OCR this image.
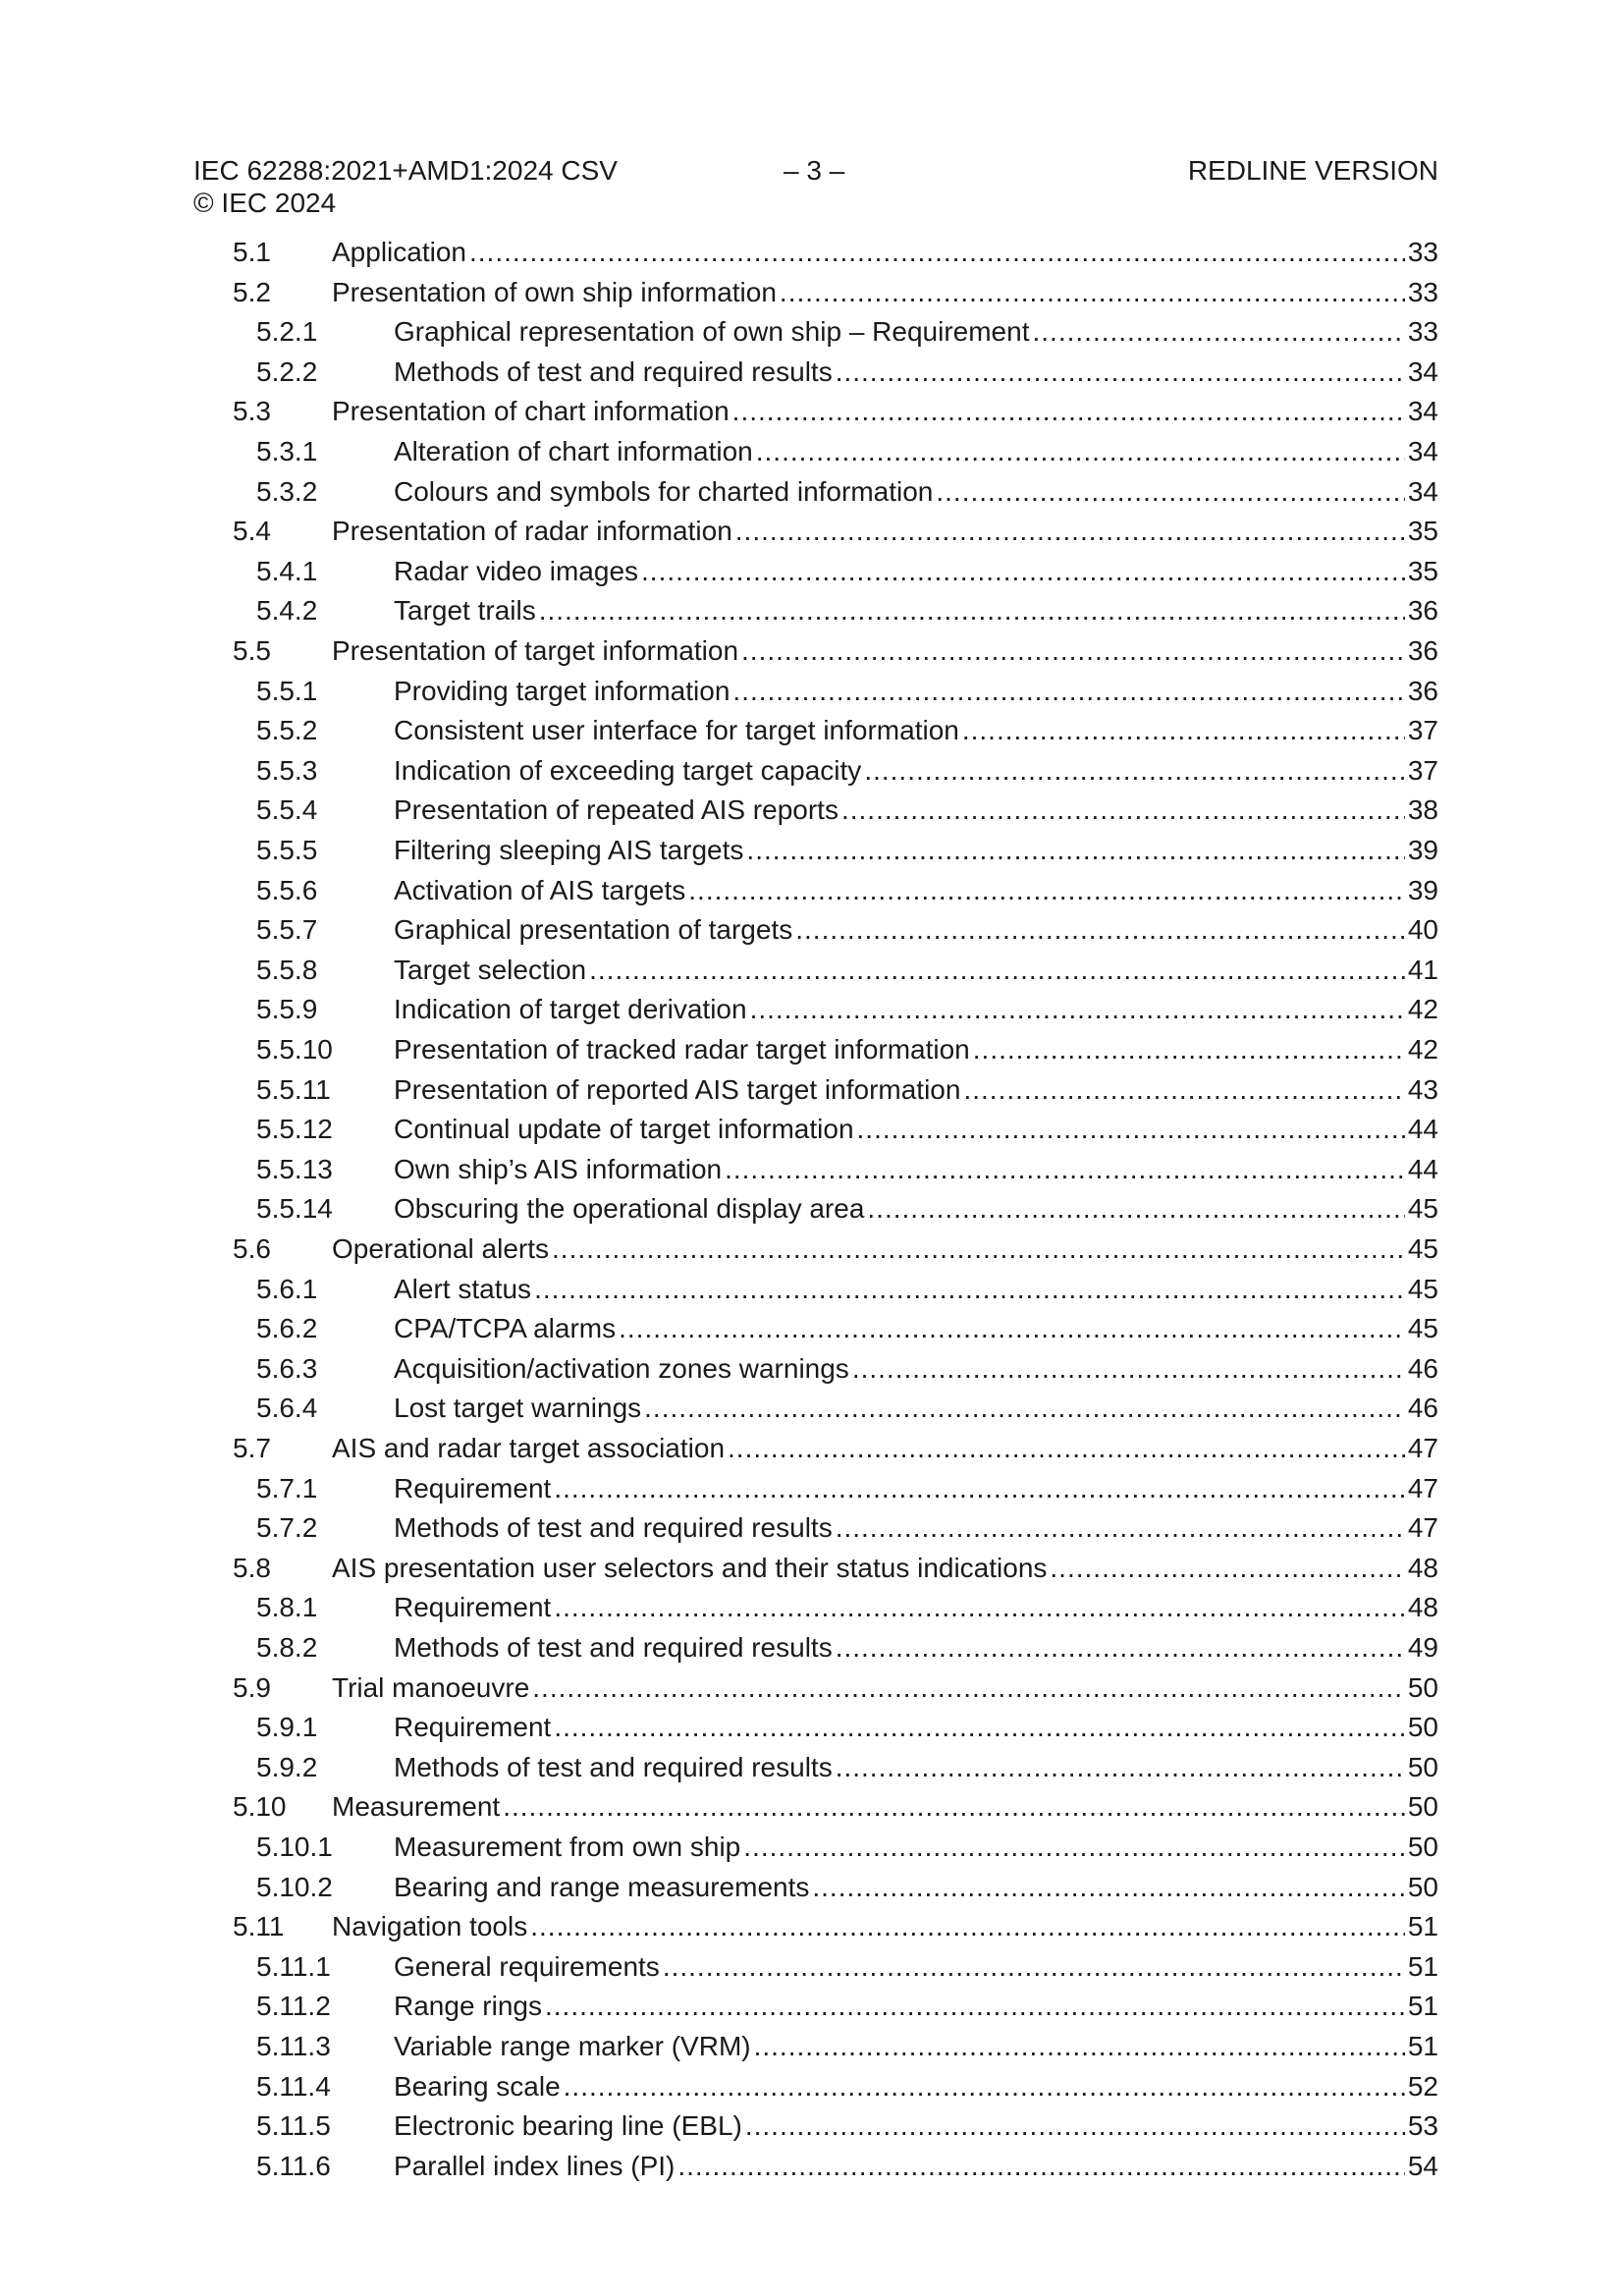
IEC 62288:2021+AMD1:2024 CSV	– 3 –	REDLINE VERSION
© IEC 2024
5.1	Application .....	33
5.2	Presentation of own ship information .....	33
5.2.1	Graphical representation of own ship – Requirement .....	33
5.2.2	Methods of test and required results .....	34
5.3	Presentation of chart information .....	34
5.3.1	Alteration of chart information .....	34
5.3.2	Colours and symbols for charted information .....	34
5.4	Presentation of radar information .....	35
5.4.1	Radar video images .....	35
5.4.2	Target trails .....	36
5.5	Presentation of target information .....	36
5.5.1	Providing target information .....	36
5.5.2	Consistent user interface for target information .....	37
5.5.3	Indication of exceeding target capacity .....	37
5.5.4	Presentation of repeated AIS reports .....	38
5.5.5	Filtering sleeping AIS targets .....	39
5.5.6	Activation of AIS targets .....	39
5.5.7	Graphical presentation of targets .....	40
5.5.8	Target selection .....	41
5.5.9	Indication of target derivation .....	42
5.5.10	Presentation of tracked radar target information .....	42
5.5.11	Presentation of reported AIS target information .....	43
5.5.12	Continual update of target information .....	44
5.5.13	Own ship’s AIS information .....	44
5.5.14	Obscuring the operational display area .....	45
5.6	Operational alerts .....	45
5.6.1	Alert status .....	45
5.6.2	CPA/TCPA alarms .....	45
5.6.3	Acquisition/activation zones warnings .....	46
5.6.4	Lost target warnings .....	46
5.7	AIS and radar target association .....	47
5.7.1	Requirement .....	47
5.7.2	Methods of test and required results .....	47
5.8	AIS presentation user selectors and their status indications .....	48
5.8.1	Requirement .....	48
5.8.2	Methods of test and required results .....	49
5.9	Trial manoeuvre .....	50
5.9.1	Requirement .....	50
5.9.2	Methods of test and required results .....	50
5.10	Measurement .....	50
5.10.1	Measurement from own ship .....	50
5.10.2	Bearing and range measurements .....	50
5.11	Navigation tools .....	51
5.11.1	General requirements .....	51
5.11.2	Range rings .....	51
5.11.3	Variable range marker (VRM) .....	51
5.11.4	Bearing scale .....	52
5.11.5	Electronic bearing line (EBL) .....	53
5.11.6	Parallel index lines (PI) .....	54
